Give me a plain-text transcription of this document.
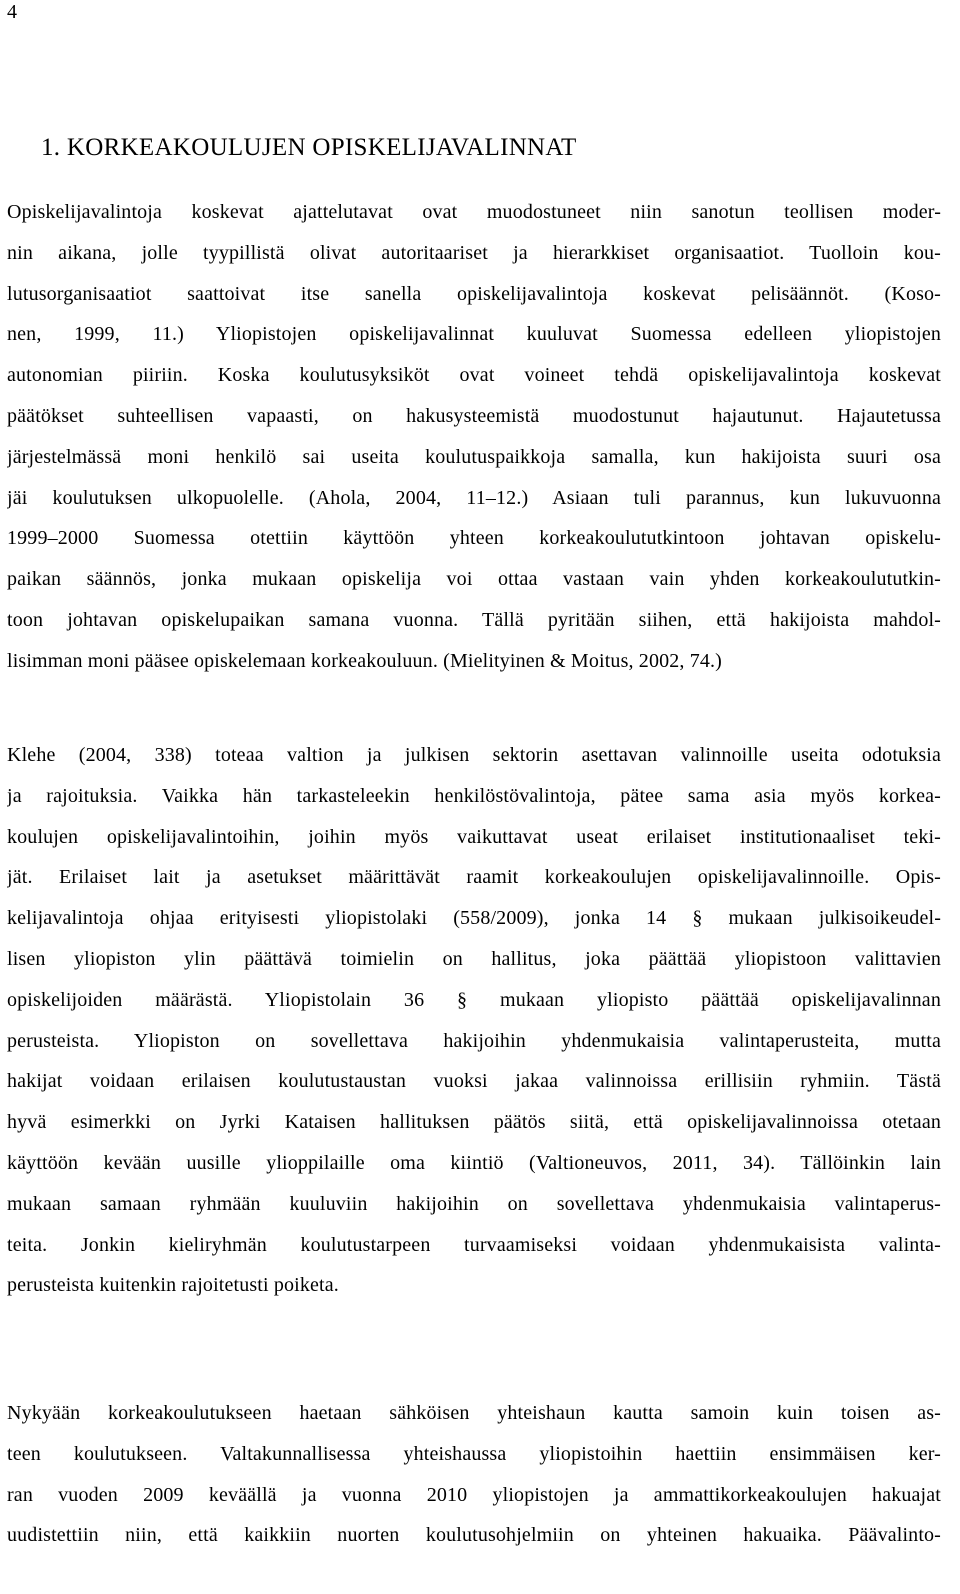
4
1. KORKEAKOULUJEN OPISKELIJAVALINNAT
Opiskelijavalintoja koskevat ajattelutavat ovat muodostuneet niin sanotun teollisen moder-
nin aikana, jolle tyypillistä olivat autoritaariset ja hierarkkiset organisaatiot. Tuolloin kou-
lutusorganisaatiot saattoivat itse sanella opiskelijavalintoja koskevat pelisäännöt. (Koso-
nen, 1999, 11.) Yliopistojen opiskelijavalinnat kuuluvat Suomessa edelleen yliopistojen
autonomian piiriin. Koska koulutusyksiköt ovat voineet tehdä opiskelijavalintoja koskevat
päätökset suhteellisen vapaasti, on hakusysteemistä muodostunut hajautunut. Hajautetussa
järjestelmässä moni henkilö sai useita koulutuspaikkoja samalla, kun hakijoista suuri osa
jäi koulutuksen ulkopuolelle. (Ahola, 2004, 11–12.) Asiaan tuli parannus, kun lukuvuonna
1999–2000 Suomessa otettiin käyttöön yhteen korkeakoulututkintoon johtavan opiskelu-
paikan säännös, jonka mukaan opiskelija voi ottaa vastaan vain yhden korkeakoulututkin-
toon johtavan opiskelupaikan samana vuonna. Tällä pyritään siihen, että hakijoista mahdol-
lisimman moni pääsee opiskelemaan korkeakouluun. (Mielityinen & Moitus, 2002, 74.)
Klehe (2004, 338) toteaa valtion ja julkisen sektorin asettavan valinnoille useita odotuksia
ja rajoituksia. Vaikka hän tarkasteleekin henkilöstövalintoja, pätee sama asia myös korkea-
koulujen opiskelijavalintoihin, joihin myös vaikuttavat useat erilaiset institutionaaliset teki-
jät. Erilaiset lait ja asetukset määrittävät raamit korkeakoulujen opiskelijavalinnoille. Opis-
kelijavalintoja ohjaa erityisesti yliopistolaki (558/2009), jonka 14 § mukaan julkisoikeudel-
lisen yliopiston ylin päättävä toimielin on hallitus, joka päättää yliopistoon valittavien
opiskelijoiden määrästä. Yliopistolain 36 § mukaan yliopisto päättää opiskelijavalinnan
perusteista. Yliopiston on sovellettava hakijoihin yhdenmukaisia valintaperusteita, mutta
hakijat voidaan erilaisen koulutustaustan vuoksi jakaa valinnoissa erillisiin ryhmiin. Tästä
hyvä esimerkki on Jyrki Kataisen hallituksen päätös siitä, että opiskelijavalinnoissa otetaan
käyttöön kevään uusille ylioppilaille oma kiintiö (Valtioneuvos, 2011, 34). Tällöinkin lain
mukaan samaan ryhmään kuuluviin hakijoihin on sovellettava yhdenmukaisia valintaperus-
teita. Jonkin kieliryhmän koulutustarpeen turvaamiseksi voidaan yhdenmukaisista valinta-
perusteista kuitenkin rajoitetusti poiketa.
Nykyään korkeakoulutukseen haetaan sähköisen yhteishaun kautta samoin kuin toisen as-
teen koulutukseen. Valtakunnallisessa yhteishaussa yliopistoihin haettiin ensimmäisen ker-
ran vuoden 2009 keväällä ja vuonna 2010 yliopistojen ja ammattikorkeakoulujen hakuajat
uudistettiin niin, että kaikkiin nuorten koulutusohjelmiin on yhteinen hakuaika. Päävalinto-
